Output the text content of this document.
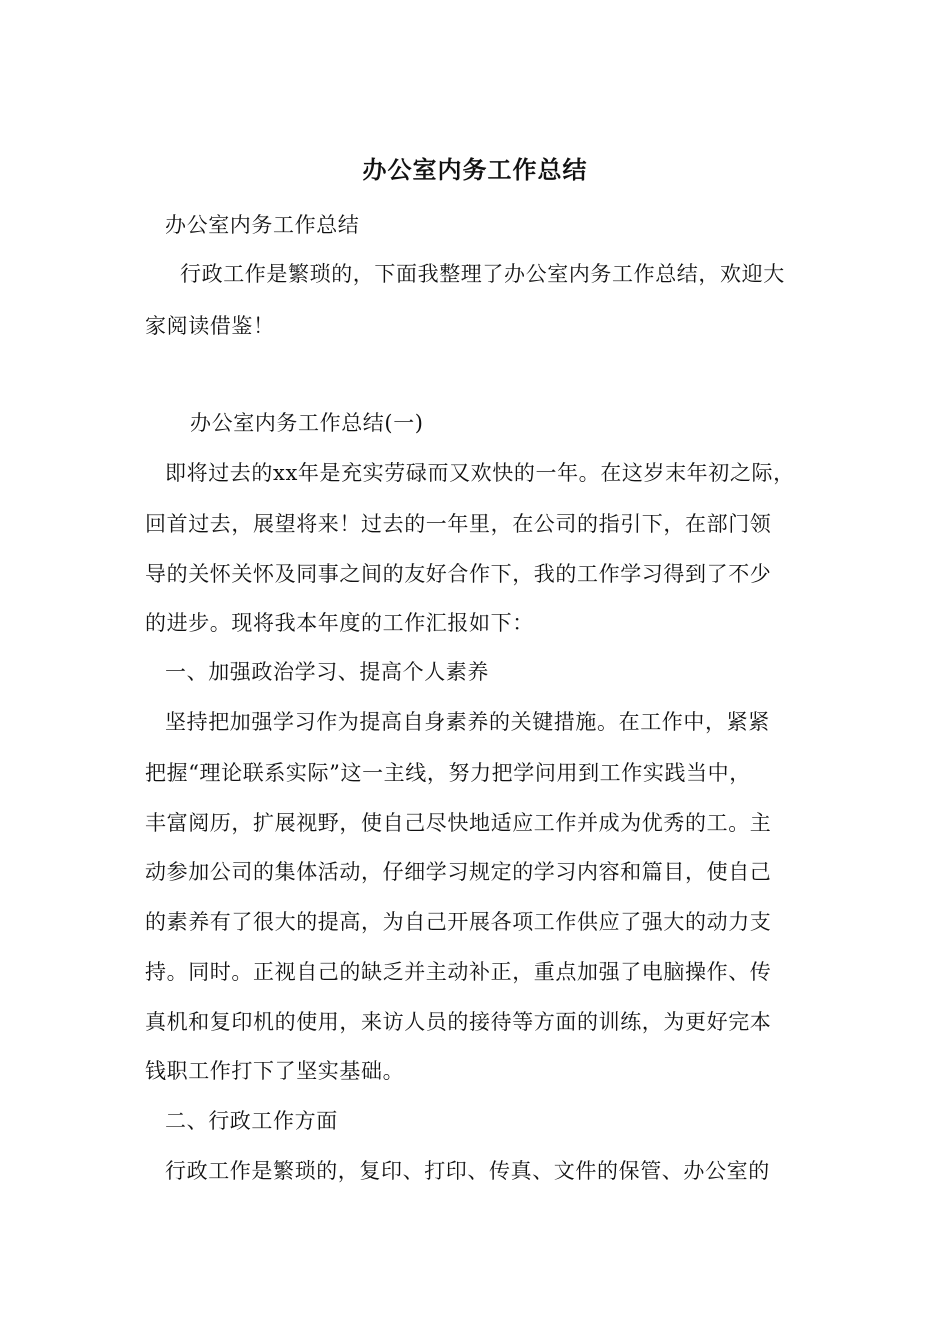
办公室内务工作总结
办公室内务工作总结
行政工作是繁琐的，下面我整理了办公室内务工作总结，欢迎大
家阅读借鉴！
办公室内务工作总结(一)
即将过去的xx年是充实劳碌而又欢快的一年。在这岁末年初之际，
回首过去，展望将来！过去的一年里，在公司的指引下，在部门领
导的关怀关怀及同事之间的友好合作下，我的工作学习得到了不少
的进步。现将我本年度的工作汇报如下：
一、加强政治学习、提高个人素养
坚持把加强学习作为提高自身素养的关键措施。在工作中，紧紧
把握“理论联系实际”这一主线，努力把学问用到工作实践当中，
丰富阅历，扩展视野，使自己尽快地适应工作并成为优秀的工。主
动参加公司的集体活动，仔细学习规定的学习内容和篇目，使自己
的素养有了很大的提高，为自己开展各项工作供应了强大的动力支
持。同时。正视自己的缺乏并主动补正，重点加强了电脑操作、传
真机和复印机的使用，来访人员的接待等方面的训练，为更好完本
钱职工作打下了坚实基础。
二、行政工作方面
行政工作是繁琐的，复印、打印、传真、文件的保管、办公室的
